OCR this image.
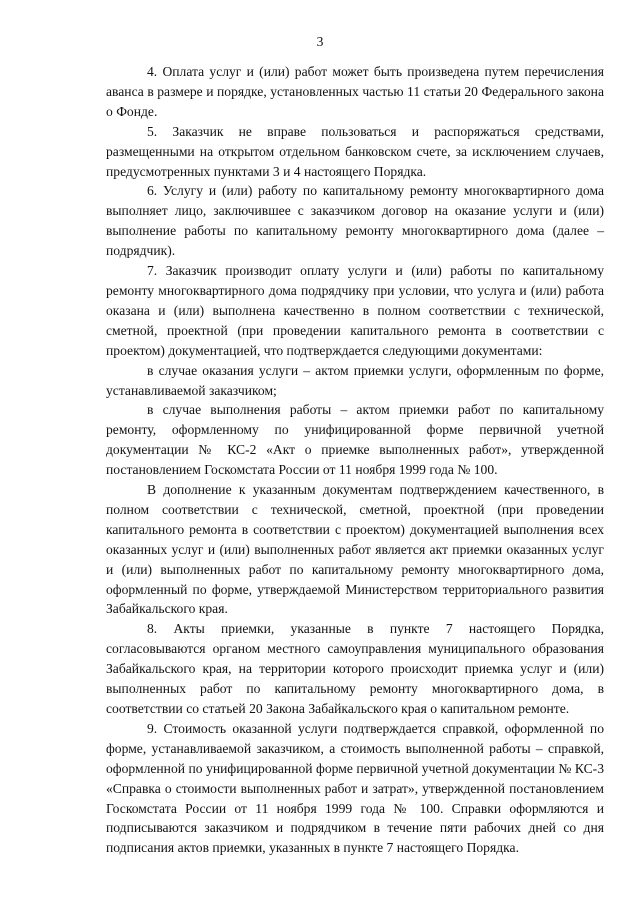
3

4. Оплата услуг и (или) работ может быть произведена путем перечисления аванса в размере и порядке, установленных частью 11 статьи 20 Федерального закона о Фонде.

5. Заказчик не вправе пользоваться и распоряжаться средствами, размещенными на открытом отдельном банковском счете, за исключением случаев, предусмотренных пунктами 3 и 4 настоящего Порядка.

6. Услугу и (или) работу по капитальному ремонту многоквартирного дома выполняет лицо, заключившее с заказчиком договор на оказание услуги и (или) выполнение работы по капитальному ремонту многоквартирного дома (далее – подрядчик).

7. Заказчик производит оплату услуги и (или) работы по капитальному ремонту многоквартирного дома подрядчику при условии, что услуга и (или) работа оказана и (или) выполнена качественно в полном соответствии с технической, сметной, проектной (при проведении капитального ремонта в соответствии с проектом) документацией, что подтверждается следующими документами:

в случае оказания услуги – актом приемки услуги, оформленным по форме, устанавливаемой заказчиком;

в случае выполнения работы – актом приемки работ по капитальному ремонту, оформленному по унифицированной форме первичной учетной документации № КС-2 «Акт о приемке выполненных работ», утвержденной постановлением Госкомстата России от 11 ноября 1999 года № 100.

В дополнение к указанным документам подтверждением качественного, в полном соответствии с технической, сметной, проектной (при проведении капитального ремонта в соответствии с проектом) документацией выполнения всех оказанных услуг и (или) выполненных работ является акт приемки оказанных услуг и (или) выполненных работ по капитальному ремонту многоквартирного дома, оформленный по форме, утверждаемой Министерством территориального развития Забайкальского края.

8. Акты приемки, указанные в пункте 7 настоящего Порядка, согласовываются органом местного самоуправления муниципального образования Забайкальского края, на территории которого происходит приемка услуг и (или) выполненных работ по капитальному ремонту многоквартирного дома, в соответствии со статьей 20 Закона Забайкальского края о капитальном ремонте.

9. Стоимость оказанной услуги подтверждается справкой, оформленной по форме, устанавливаемой заказчиком, а стоимость выполненной работы – справкой, оформленной по унифицированной форме первичной учетной документации № КС-3 «Справка о стоимости выполненных работ и затрат», утвержденной постановлением Госкомстата России от 11 ноября 1999 года № 100. Справки оформляются и подписываются заказчиком и подрядчиком в течение пяти рабочих дней со дня подписания актов приемки, указанных в пункте 7 настоящего Порядка.
